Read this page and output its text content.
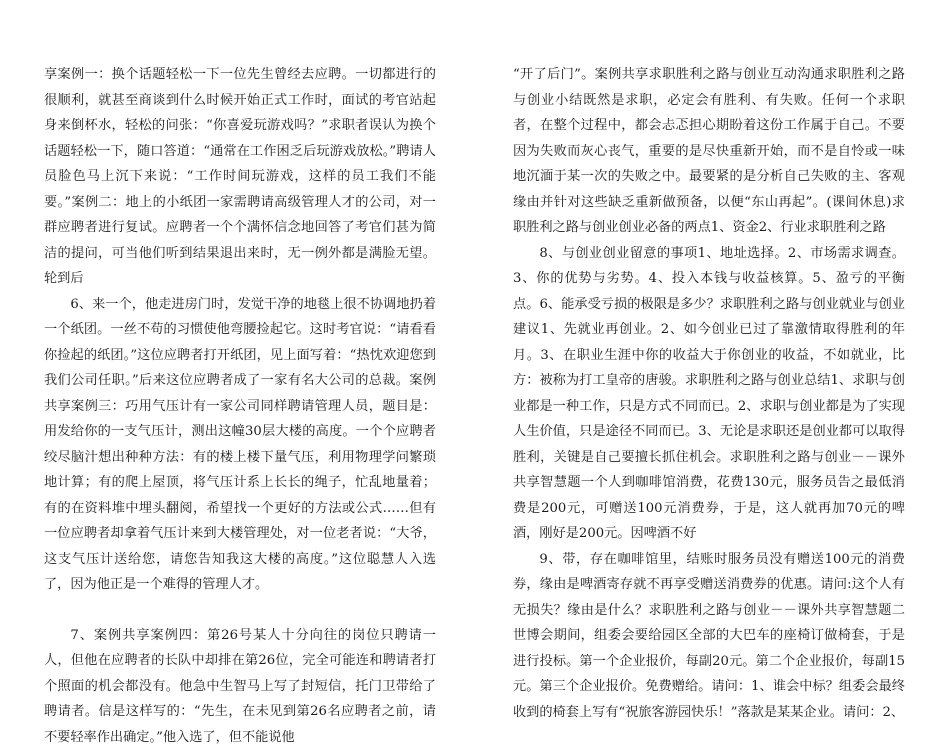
享案例一：换个话题轻松一下一位先生曾经去应聘。一切都进行的很顺利，就甚至商谈到什么时候开始正式工作时，面试的考官站起身来倒杯水，轻松的问张：“你喜爱玩游戏吗？”求职者误认为换个话题轻松一下，随口答道：“通常在工作困乏后玩游戏放松。”聘请人员脸色马上沉下来说：“工作时间玩游戏，这样的员工我们不能要。”案例二：地上的小纸团一家需聘请高级管理人才的公司，对一群应聘者进行复试。应聘者一个个满怀信念地回答了考官们甚为简洁的提问，可当他们听到结果退出来时，无一例外都是满脸无望。轮到后

6、来一个，他走进房门时，发觉干净的地毯上很不协调地扔着一个纸团。一丝不苟的习惯使他弯腰捡起它。这时考官说：“请看看你捡起的纸团。”这位应聘者打开纸团，见上面写着：“热忱欢迎您到我们公司任职。”后来这位应聘者成了一家有名大公司的总裁。案例共享案例三：巧用气压计有一家公司同样聘请管理人员，题目是：用发给你的一支气压计，测出这幢30层大楼的高度。一个个应聘者绞尽脑汁想出种种方法：有的楼上楼下量气压，利用物理学问繁琐地计算；有的爬上屋顶，将气压计系上长长的绳子，忙乱地量着；有的在资料堆中埋头翻阅，希望找一个更好的方法或公式……但有一位应聘者却拿着气压计来到大楼管理处，对一位老者说：“大爷，这支气压计送给您，请您告知我这大楼的高度。”这位聪慧人入选了，因为他正是一个难得的管理人才。

7、案例共享案例四：第26号某人十分向往的岗位只聘请一人，但他在应聘者的长队中却排在第26位，完全可能连和聘请者打个照面的机会都没有。他急中生智马上写了封短信，托门卫带给了聘请者。信是这样写的：“先生，在未见到第26名应聘者之前，请不要轻率作出确定。”他入选了，但不能说他

“开了后门”。案例共享求职胜利之路与创业互动沟通求职胜利之路与创业小结既然是求职，必定会有胜利、有失败。任何一个求职者，在整个过程中，都会忐忑担心期盼着这份工作属于自己。不要因为失败而灰心丧气，重要的是尽快重新开始，而不是自怜或一味地沉湎于某一次的失败之中。最要紧的是分析自己失败的主、客观缘由并针对这些缺乏重新做预备，以便“东山再起”。(课间休息)求职胜利之路与创业创业必备的两点1、资金2、行业求职胜利之路

8、与创业创业留意的事项1、地址选择。2、市场需求调查。3、你的优势与劣势。4、投入本钱与收益核算。5、盈亏的平衡点。6、能承受亏损的极限是多少？求职胜利之路与创业就业与创业建议1、先就业再创业。2、如今创业已过了靠激情取得胜利的年月。3、在职业生涯中你的收益大于你创业的收益，不如就业，比方：被称为打工皇帝的唐骏。求职胜利之路与创业总结1、求职与创业都是一种工作，只是方式不同而已。2、求职与创业都是为了实现人生价值，只是途径不同而已。3、无论是求职还是创业都可以取得胜利，关键是自己要擅长抓住机会。求职胜利之路与创业－－课外共享智慧题一个人到咖啡馆消费，花费130元，服务员告之最低消费是200元，可赠送100元消费券，于是，这人就再加70元的啤酒，刚好是200元。因啤酒不好

9、带，存在咖啡馆里，结账时服务员没有赠送100元的消费券，缘由是啤酒寄存就不再享受赠送消费券的优惠。请问:这个人有无损失？缘由是什么？求职胜利之路与创业－－课外共享智慧题二世博会期间，组委会要给园区全部的大巴车的座椅订做椅套，于是进行投标。第一个企业报价，每副20元。第二个企业报价，每副15元。第三个企业报价。免费赠给。请问：1、谁会中标？组委会最终收到的椅套上写有“祝旅客游园快乐！”落款是某某企业。请问：2、
